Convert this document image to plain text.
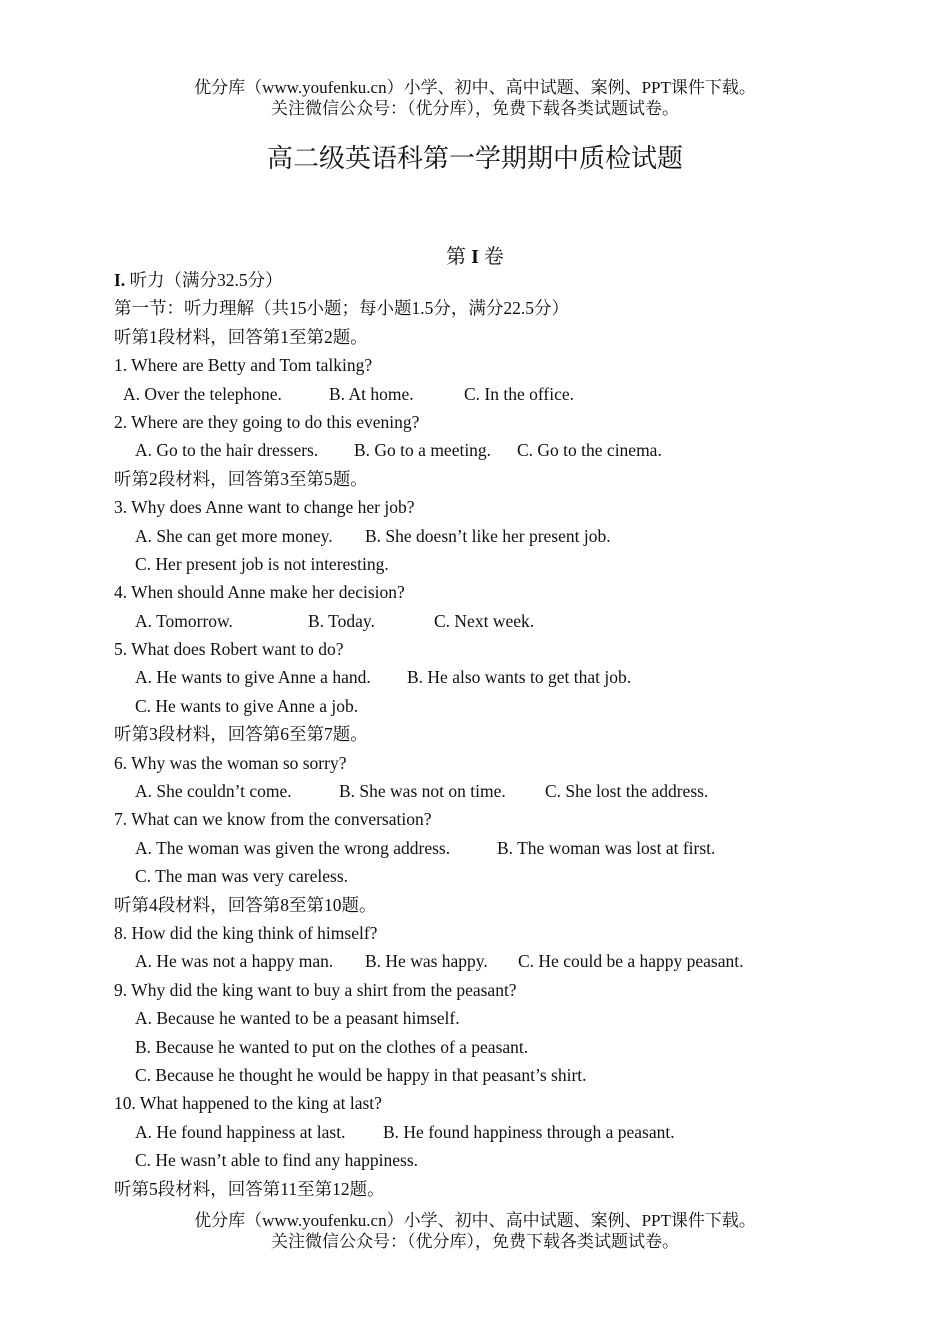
优分库（www.youfenku.cn）小学、初中、高中试题、案例、PPT课件下载。
关注微信公众号：（优分库），免费下载各类试题试卷。
高二级英语科第一学期期中质检试题
第 I 卷
I. 听力（满分32.5分）
第一节：听力理解（共15小题；每小题1.5分，满分22.5分）
听第1段材料，回答第1至第2题。
1. Where are Betty and Tom talking?
A. Over the telephone.	B. At home.	C. In the office.
2. Where are they going to do this evening?
A. Go to the hair dressers. B. Go to a meeting. C. Go to the cinema.
听第2段材料，回答第3至第5题。
3. Why does Anne want to change her job?
A. She can get more money. B. She doesn’t like her present job.
C. Her present job is not interesting.
4. When should Anne make her decision?
A. Tomorrow.	B. Today.	C. Next week.
5. What does Robert want to do?
A. He wants to give Anne a hand. B. He also wants to get that job.
C. He wants to give Anne a job.
听第3段材料，回答第6至第7题。
6. Why was the woman so sorry?
A. She couldn’t come.	B. She was not on time. C. She lost the address.
7. What can we know from the conversation?
A. The woman was given the wrong address.	B. The woman was lost at first.
C. The man was very careless.
听第4段材料，回答第8至第10题。
8. How did the king think of himself?
A. He was not a happy man. B. He was happy. C. He could be a happy peasant.
9. Why did the king want to buy a shirt from the peasant?
A. Because he wanted to be a peasant himself.
B. Because he wanted to put on the clothes of a peasant.
C. Because he thought he would be happy in that peasant’s shirt.
10. What happened to the king at last?
A. He found happiness at last. B. He found happiness through a peasant.
C. He wasn’t able to find any happiness.
听第5段材料，回答第11至第12题。
优分库（www.youfenku.cn）小学、初中、高中试题、案例、PPT课件下载。
关注微信公众号：（优分库），免费下载各类试题试卷。
